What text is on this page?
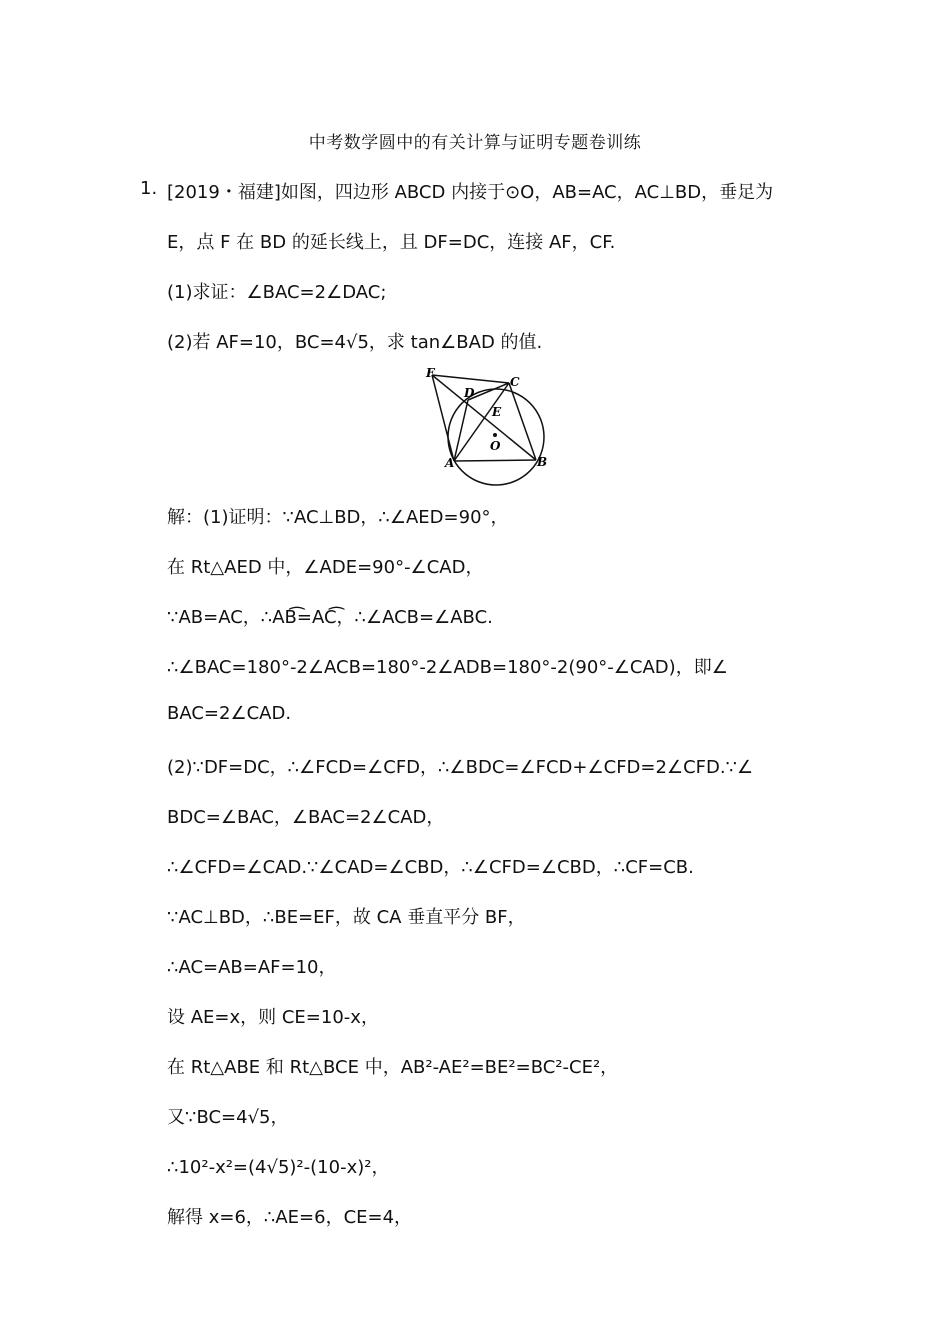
中考数学圆中的有关计算与证明专题卷训练
1. [2019・福建]如图，四边形 ABCD 内接于⊙O，AB=AC，AC⊥BD，垂足为
E，点 F 在 BD 的延长线上，且 DF=DC，连接 AF，CF.
(1)求证：∠BAC=2∠DAC;
(2)若 AF=10，BC=4√5，求 tan∠BAD 的值.
F
D
C
E
O
A	B
解：(1)证明：∵AC⊥BD，∴∠AED=90°，
在 Rt△AED 中，∠ADE=90°-∠CAD，
∵AB=AC，∴AB͡=AC͡，∴∠ACB=∠ABC.
∴∠BAC=180°-2∠ACB=180°-2∠ADB=180°-2(90°-∠CAD)，即∠
BAC=2∠CAD.
(2)∵DF=DC，∴∠FCD=∠CFD，∴∠BDC=∠FCD+∠CFD=2∠CFD.∵∠
BDC=∠BAC，∠BAC=2∠CAD，
∴∠CFD=∠CAD.∵∠CAD=∠CBD，∴∠CFD=∠CBD，∴CF=CB.
∵AC⊥BD，∴BE=EF，故 CA 垂直平分 BF，
∴AC=AB=AF=10，
设 AE=x，则 CE=10-x，
在 Rt△ABE 和 Rt△BCE 中，AB²-AE²=BE²=BC²-CE²，
又∵BC=4√5，
∴10²-x²=(4√5)²-(10-x)²，
解得 x=6，∴AE=6，CE=4，
